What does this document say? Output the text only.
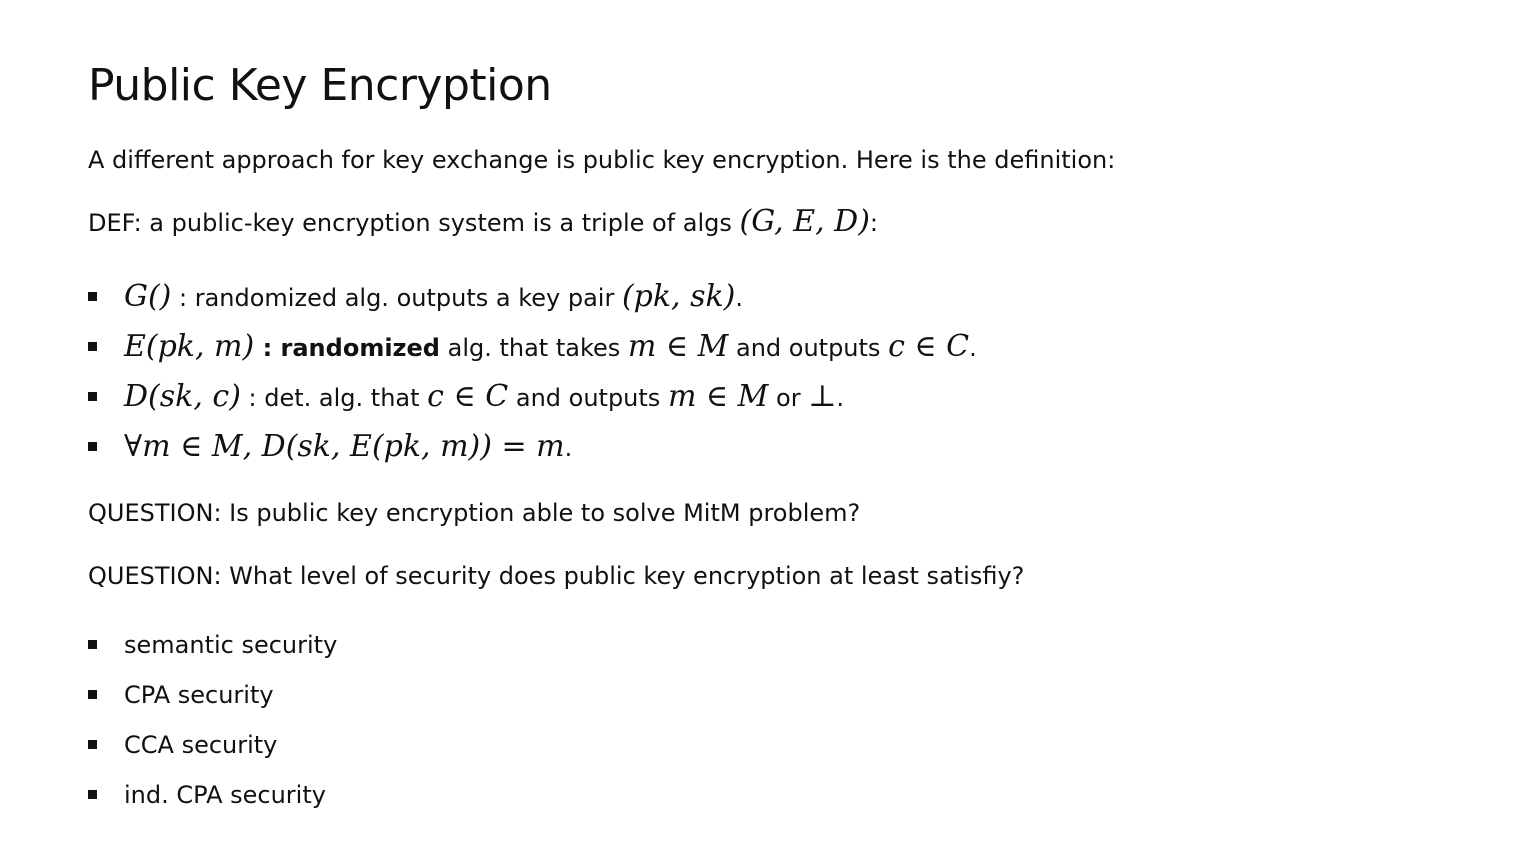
Public Key Encryption
A different approach for key exchange is public key encryption. Here is the definition:
DEF: a public-key encryption system is a triple of algs (G, E, D):
G() : randomized alg. outputs a key pair (pk, sk).
E(pk, m) : randomized alg. that takes m ∈ M and outputs c ∈ C.
D(sk, c) : det. alg. that c ∈ C and outputs m ∈ M or ⊥.
∀m ∈ M, D(sk, E(pk, m)) = m.
QUESTION: Is public key encryption able to solve MitM problem?
QUESTION: What level of security does public key encryption at least satisfiy?
semantic security
CPA security
CCA security
ind. CPA security
